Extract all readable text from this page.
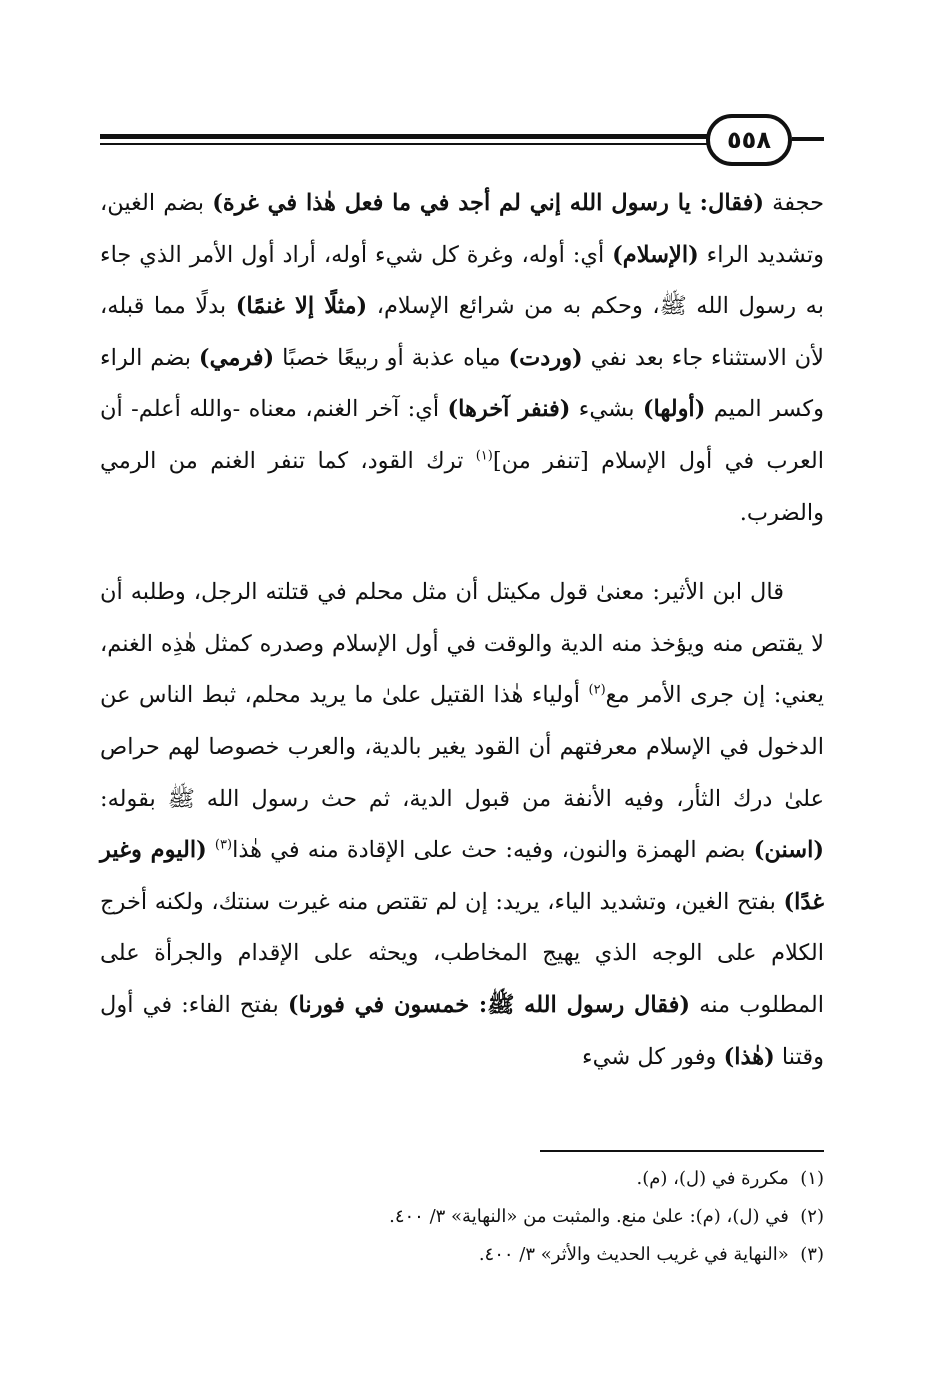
٥٥٨

حجفة (فقال: يا رسول الله إني لم أجد في ما فعل هٰذا في غرة) بضم الغين، وتشديد الراء (الإسلام) أي: أوله، وغرة كل شيء أوله، أراد أول الأمر الذي جاء به رسول الله ﷺ، وحكم به من شرائع الإسلام، (مثلًا إلا غنمًا) بدلًا مما قبله، لأن الاستثناء جاء بعد نفي (وردت) مياه عذبة أو ربيعًا خصبًا (فرمي) بضم الراء وكسر الميم (أولها) بشيء (فنفر آخرها) أي: آخر الغنم، معناه -والله أعلم- أن العرب في أول الإسلام [تنفر من]$^{(١)}$ ترك القود، كما تنفر الغنم من الرمي والضرب.

قال ابن الأثير: معنىٰ قول مكيتل أن مثل محلم في قتلته الرجل، وطلبه أن لا يقتص منه ويؤخذ منه الدية والوقت في أول الإسلام وصدره كمثل هٰذِه الغنم، يعني: إن جرى الأمر مع$^{(٢)}$ أولياء هٰذا القتيل علىٰ ما يريد محلم، ثبط الناس عن الدخول في الإسلام معرفتهم أن القود يغير بالدية، والعرب خصوصا لهم حراص علىٰ درك الثأر، وفيه الأنفة من قبول الدية، ثم حث رسول الله ﷺ بقوله: (اسنن) بضم الهمزة والنون، وفيه: حث على الإقادة منه في هٰذا$^{(٣)}$ (اليوم وغير غدًا) بفتح الغين، وتشديد الياء، يريد: إن لم تقتص منه غيرت سنتك، ولكنه أخرج الكلام على الوجه الذي يهيج المخاطب، ويحثه على الإقدام والجرأة على المطلوب منه (فقال رسول الله ﷺ: خمسون في فورنا) بفتح الفاء: في أول وقتنا (هٰذا) وفور كل شيء

(١)  مكررة في (ل)، (م).

(٢)  في (ل)، (م): علىٰ منع. والمثبت من «النهاية» ٣/ ٤٠٠.

(٣)  «النهاية في غريب الحديث والأثر» ٣/ ٤٠٠.
